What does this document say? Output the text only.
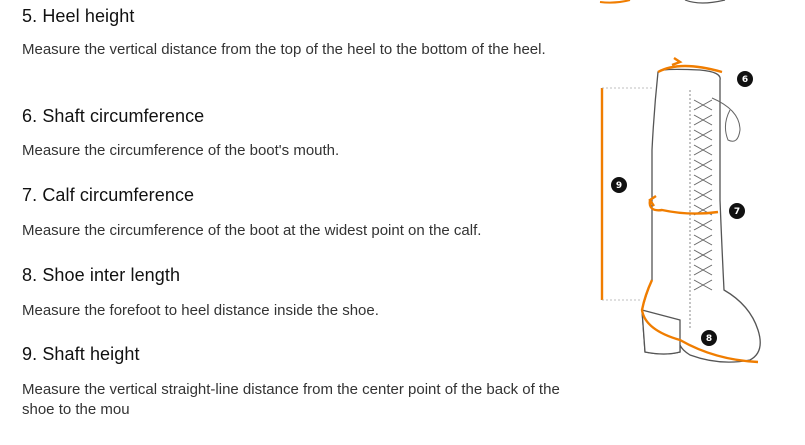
5. Heel height

Measure the vertical distance from the top of the heel to the bottom of the heel.

6. Shaft circumference

Measure the circumference of the boot's mouth.

7. Calf circumference

Measure the circumference of the boot at the widest point on the calf.

8. Shoe inter length

Measure the forefoot to heel distance inside the shoe.

9. Shaft height

Measure the vertical straight-line distance from the center point of the back of the shoe to the mou

6
9
7
8
